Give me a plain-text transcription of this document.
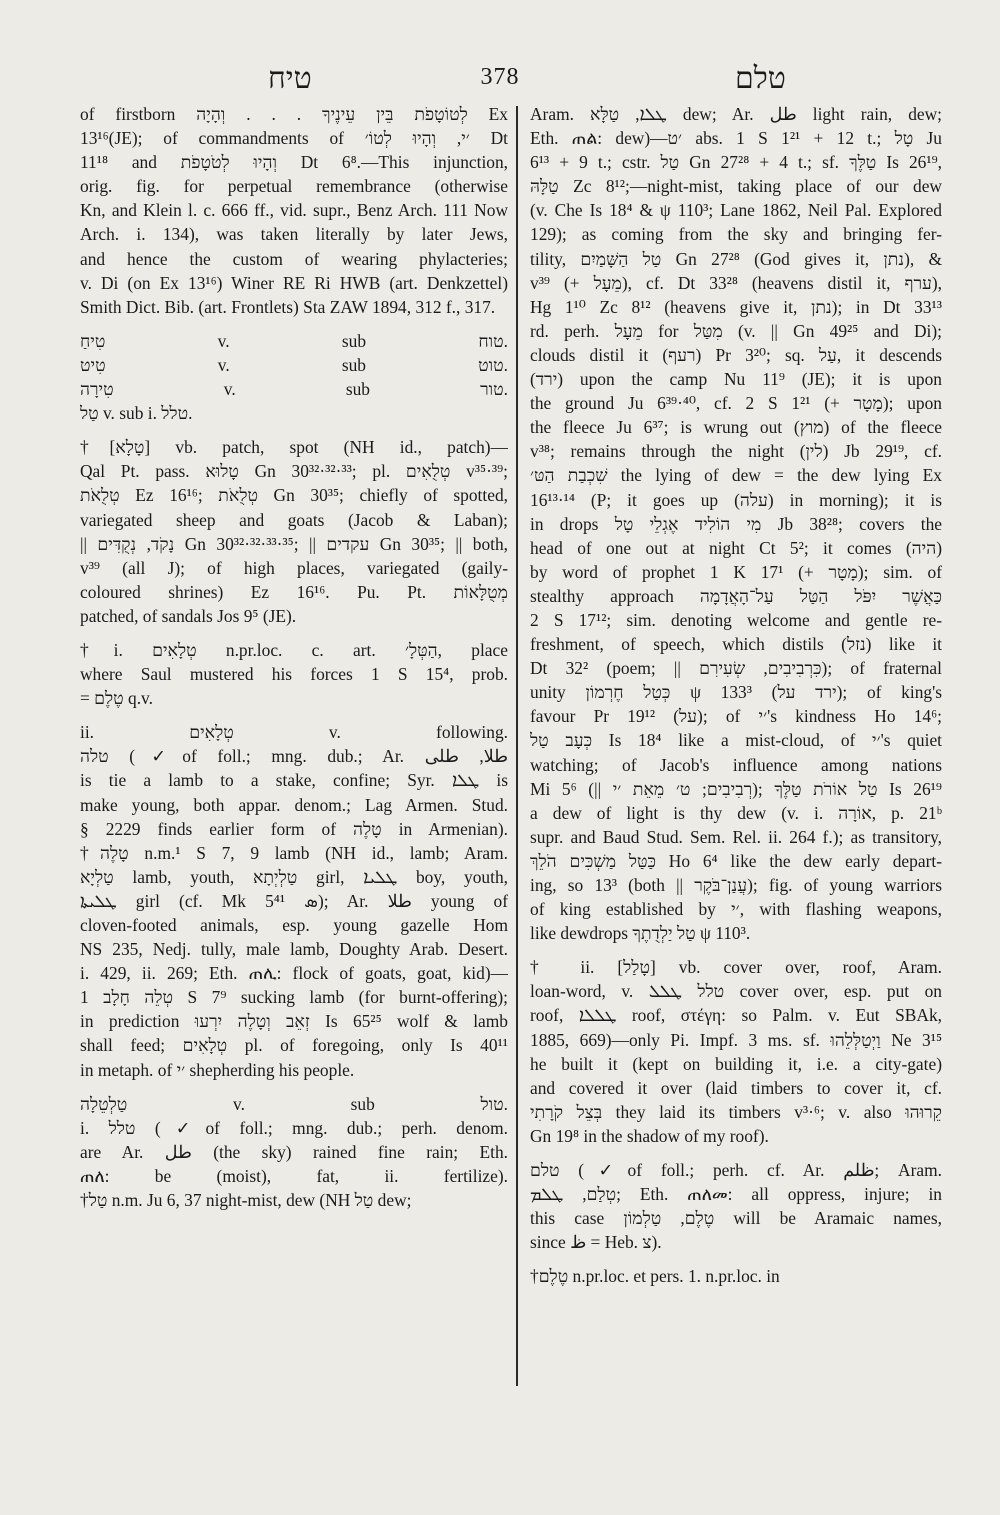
טיח	378	טלם
of firstborn לְטוֹטָפֹת בֵּין עֵינֶיךָ . . . וְהָיָה Ex
13¹⁶(JE); of commandments of ׳י, וְהָיוּ לְטוֹ׳ Dt
11¹⁸ and וְהָיוּ לְטֹטָפֹת Dt 6⁸.—This injunction,
orig. fig. for perpetual remembrance (otherwise
Kn, and Klein l. c. 666 ff., vid. supr., Benz Arch. 111 Now
Arch. i. 134), was taken literally by later Jews,
and hence the custom of wearing phylacteries;
v. Di (on Ex 13¹⁶) Winer RE Ri HWB (art. Denkzettel)
Smith Dict. Bib. (art. Frontlets) Sta ZAW 1894, 312 f., 317.
טִיחַ v. sub טוח.
טִיט v. sub טוט.
טִירָה v. sub טור.
טַל v. sub i. טלל.
†[טָלָא] vb. patch, spot (NH id., patch)—
Qal Pt. pass. טָלוּא Gn 30³²·³²·³³; pl. טְלֻאִים v³⁵·³⁹;
טְלֻאֹת Ez 16¹⁶; טְלֻאֹת Gn 30³⁵; chiefly of spotted,
variegated sheep and goats (Jacob & Laban);
|| נָקֹד, נְקֻדִּים Gn 30³²·³²·³³·³⁵; || עקדים Gn 30³⁵; || both,
v³⁹ (all J); of high places, variegated (gaily-
coloured shrines) Ez 16¹⁶. Pu. Pt. מְטֻלָּאוֹת
patched, of sandals Jos 9⁵ (JE).
†i. טְלָאִים n.pr.loc. c. art. הַטְּלָ׳, place
where Saul mustered his forces 1 S 15⁴, prob.
= טֶלֶם q.v.
ii. טְלָאִים v. following.
טלה (✓of foll.; mng. dub.; Ar. طلا, طلى
is tie a lamb to a stake, confine; Syr. ܛܠܐ is
make young, both appar. denom.; Lag Armen. Stud.
§ 2229 finds earlier form of טָלֶה in Armenian).
†טָלֶה n.m.¹ S 7, 9 lamb (NH id., lamb; Aram.
טַלְיָא lamb, youth, טַלְיְתָא girl, ܛܠܝܐ boy, youth,
ܛܠܝܬܐ girl (cf. Mk 5⁴¹ ܣ); Ar. طلا young of
cloven-footed animals, esp. young gazelle Hom
NS 235, Nedj. tully, male lamb, Doughty Arab. Desert.
i. 429, ii. 269; Eth. ጠሊ: flock of goats, goat, kid)—
טְלֵה חָלָב 1 S 7⁹ sucking lamb (for burnt-offering);
in prediction זְאֵב וְטָלֶה יִרְעוּ Is 65²⁵ wolf & lamb
shall feed; טְלָאִים pl. of foregoing, only Is 40¹¹
in metaph. of ׳י shepherding his people.
טַלְטֵלָה v. sub טול.
i. טלל (✓of foll.; mng. dub.; perh. denom.
are Ar. طل (the sky) rained fine rain; Eth.
ጠለ: be (moist), fat, ii. fertilize).
†טַל n.m. Ju 6, 37 night-mist, dew (NH טַל dew;
Aram. ܛܠܐ, טַלָּא dew; Ar. طل light rain, dew;
Eth. ጠል: dew)—׳ט abs. 1 S 1²¹ + 12 t.; טָל Ju
6¹³ + 9 t.; cstr. טַל Gn 27²⁸ + 4 t.; sf. טַלֶּךָ Is 26¹⁹,
טַלָּהּ Zc 8¹²;—night-mist, taking place of our dew
(v. Che Is 18⁴ & ψ 110³; Lane 1862, Neil Pal. Explored
129); as coming from the sky and bringing fer-
tility, טַל הַשָּׁמַיִם Gn 27²⁸ (God gives it, נתן), &
v³⁹ (+ מֵעָל), cf. Dt 33²⁸ (heavens distil it, ערף),
Hg 1¹⁰ Zc 8¹² (heavens give it, נתן); in Dt 33¹³
rd. perh. מֵעָל for מִטַּל (v. || Gn 49²⁵ and Di);
clouds distil it (רעף) Pr 3²⁰; sq. עַל, it descends
(ירד) upon the camp Nu 11⁹ (JE); it is upon
the ground Ju 6³⁹·⁴⁰, cf. 2 S 1²¹ (+ מָטָר); upon
the fleece Ju 6³⁷; is wrung out (מוץ) of the fleece
v³⁸; remains through the night (לין) Jb 29¹⁹, cf.
שִׁכְבַת הַטּ׳ the lying of dew = the dew lying Ex
16¹³·¹⁴ (P; it goes up (עלה) in morning); it is
in drops מִי הוֹלִיד אֶגְלֵי טָל Jb 38²⁸; covers the
head of one out at night Ct 5²; it comes (היה)
by word of prophet 1 K 17¹ (+ מָטָר); sim. of
stealthy approach כַּאֲשֶׁר יִפֹּל הַטַּל עַל־הָאֲדָמָה
2 S 17¹²; sim. denoting welcome and gentle re-
freshment, of speech, which distils (נזל) like it
Dt 32² (poem; || כִּרְבִיבִים, שְׂעִירִם); of fraternal
unity כְּטַל חֶרְמוֹן ψ 133³ (ירד על); of king's
favour Pr 19¹² (על); of ׳י's kindness Ho 14⁶;
כְּעָב טַל Is 18⁴ like a mist-cloud, of ׳י's quiet
watching; of Jacob's influence among nations
Mi 5⁶ (|| רְבִיבִים; ט׳ מֵאֵת ׳י); טַל אוֹרֹת טַלֶּךָ Is 26¹⁹
a dew of light is thy dew (v. i. אוֹרָה, p. 21ᵇ
supr. and Baud Stud. Sem. Rel. ii. 264 f.); as transitory,
כַּטַּל מַשְׁכִּים הֹלֵךְ Ho 6⁴ like the dew early depart-
ing, so 13³ (both || עֲנַן־בֹּקֶר); fig. of young warriors
of king established by ׳י, with flashing weapons,
like dewdrops טַל יַלְדֻתֶךָ ψ 110³.
† ii. [טָלַל] vb. cover over, roof, Aram.
loan-word, v. טלל ܛܠܠ cover over, esp. put on
roof, ܛܠܠܐ roof, στέγη: so Palm. v. Eut SBAk,
1885, 669)—only Pi. Impf. 3 ms. sf. וַיְטַלְּלֵהוּ Ne 3¹⁵
he built it (kept on building it, i.e. a city-gate)
and covered it over (laid timbers to cover it, cf.
בְּצֵל קֹרָתִי they laid its timbers v³·⁶; v. also קֵרוּהוּ
Gn 19⁸ in the shadow of my roof).
טלם (✓of foll.; perh. cf. Ar. ظلم; Aram.
טְלַם, ܛܠܡ; Eth. ጠለመ: all oppress, injure; in
this case טֶלֶם, טַלְמוֹן will be Aramaic names,
since ظ = Heb. צ).
†טֶלֶם n.pr.loc. et pers. 1. n.pr.loc. in
